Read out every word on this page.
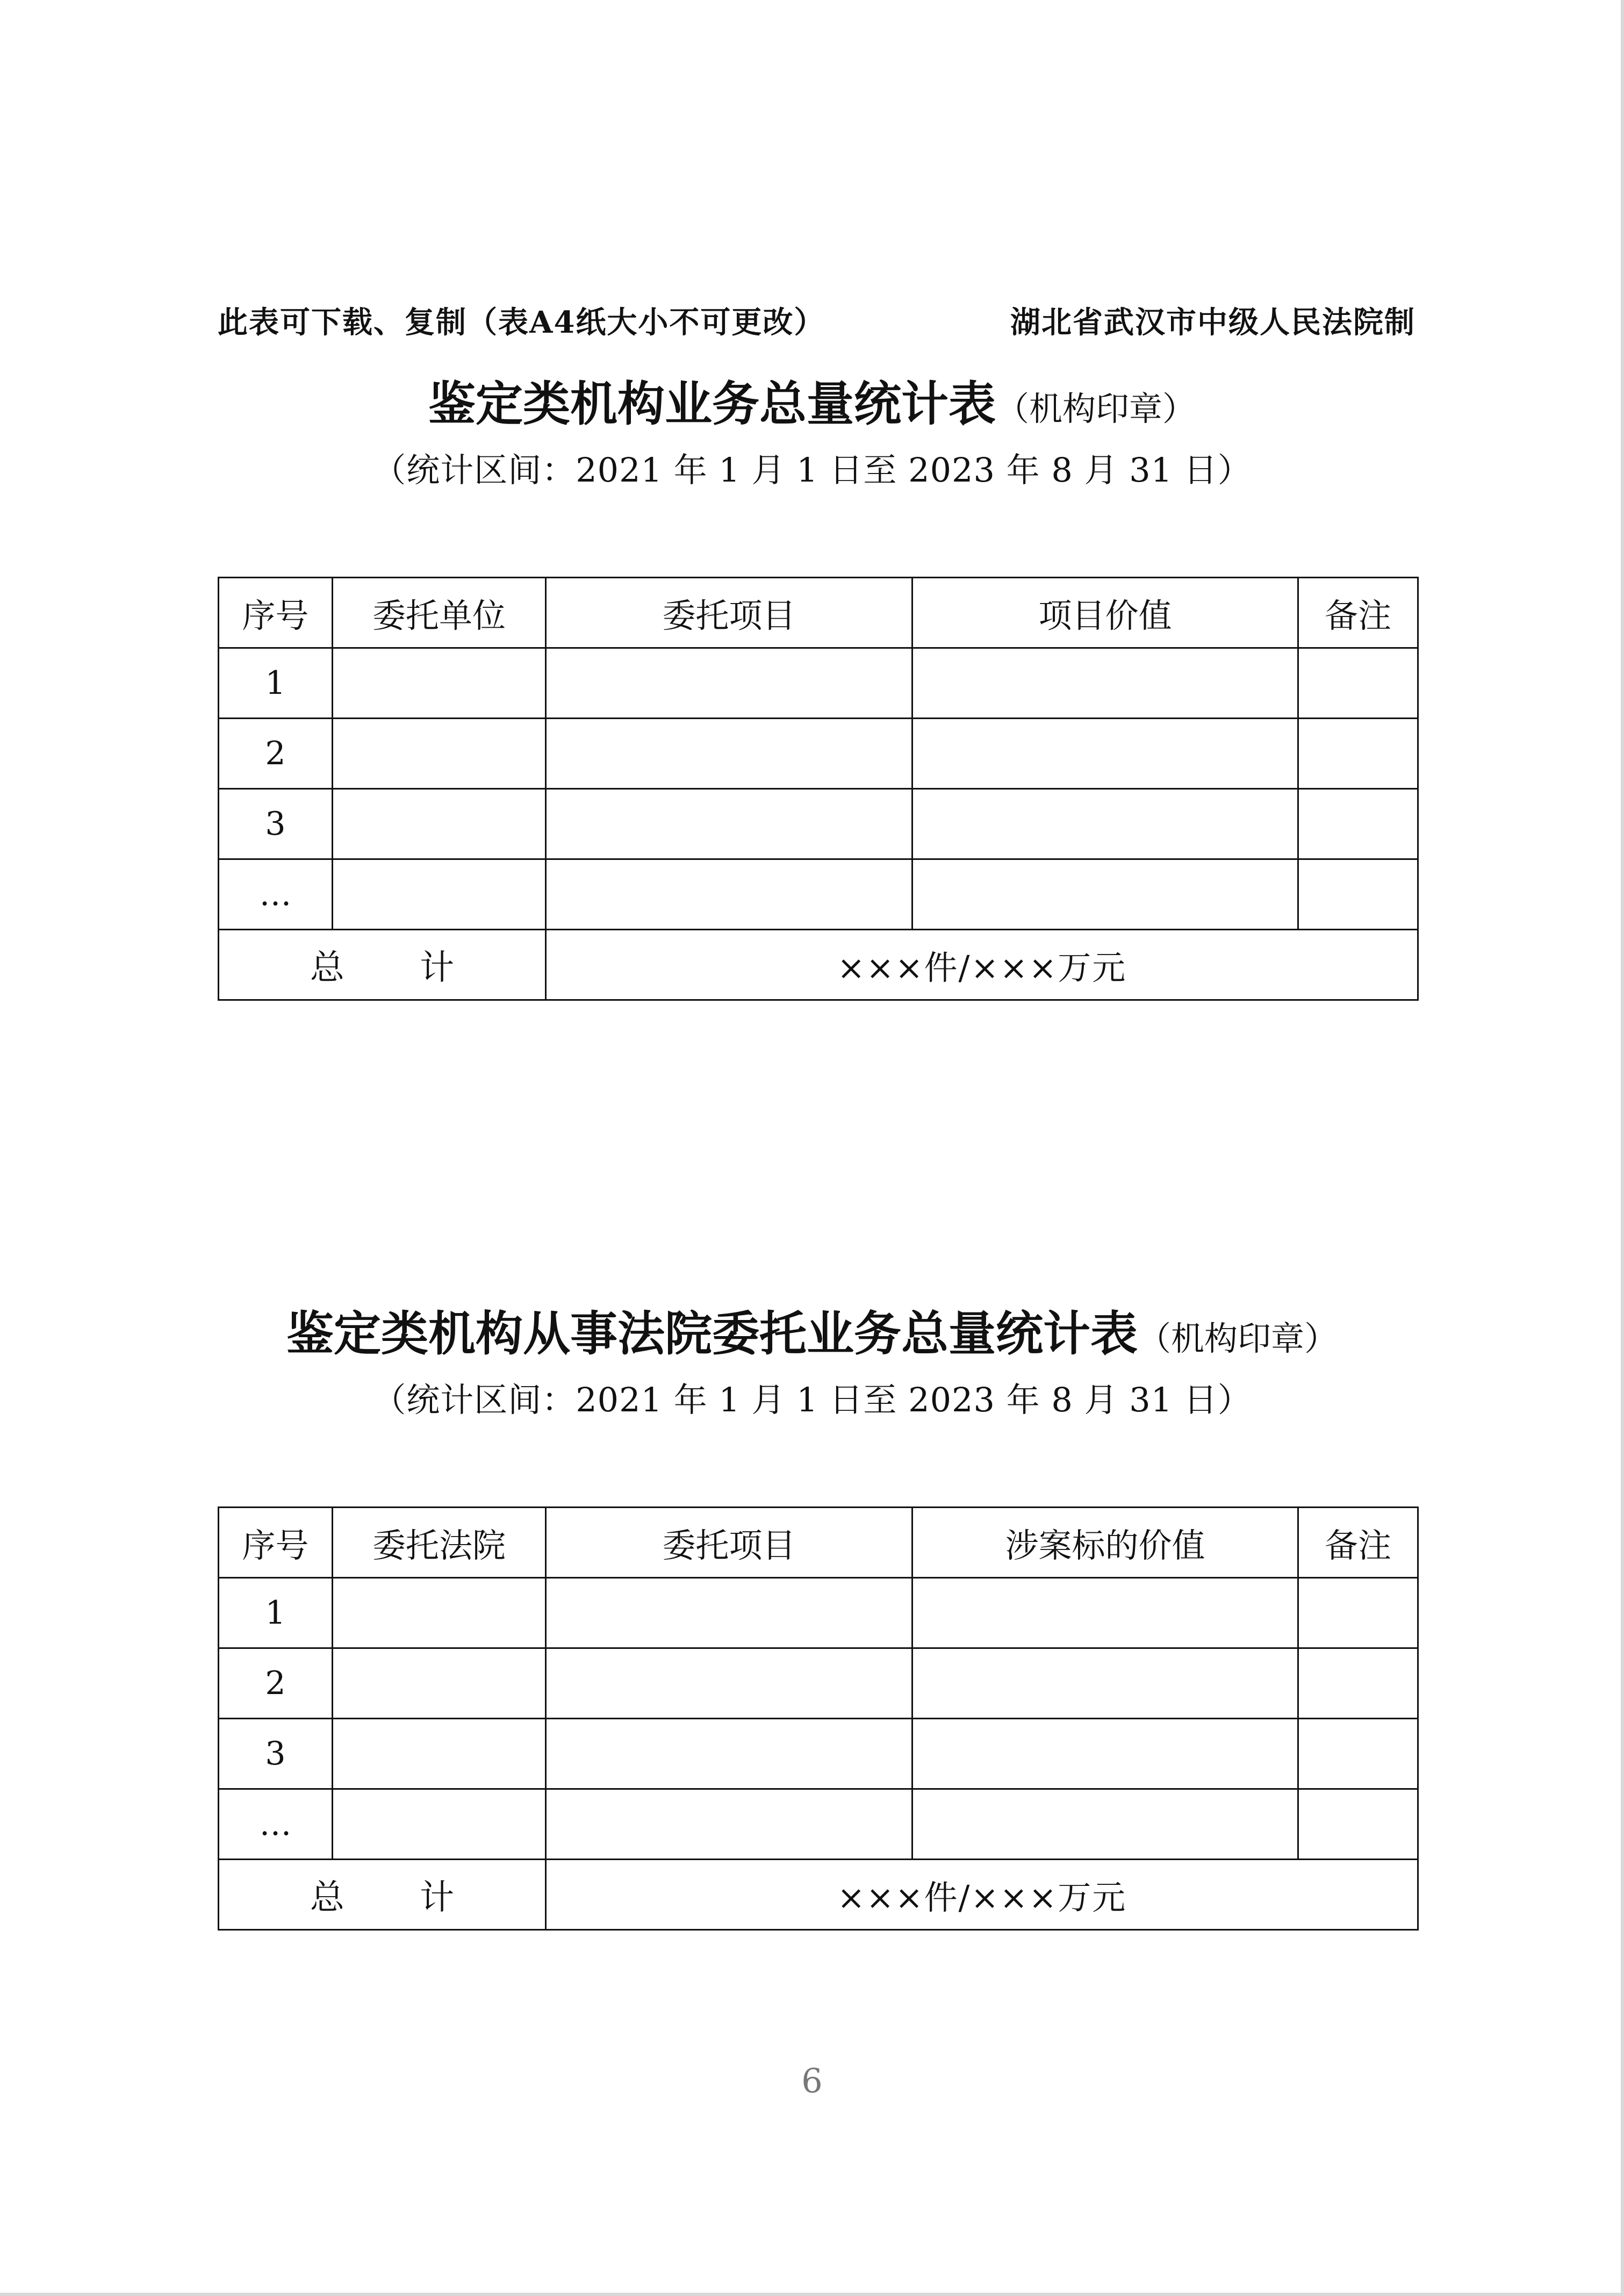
此表可下载、复制（表A4纸大小不可更改）	湖北省武汉市中级人民法院制
鉴定类机构业务总量统计表（机构印章）
（统计区间：2021 年 1 月 1 日至 2023 年 8 月 31 日）
序号	委托单位	委托项目	项目价值	备注
1				
2				
3				
…				
总 计		×××件/×××万元		
鉴定类机构从事法院委托业务总量统计表（机构印章）
（统计区间：2021 年 1 月 1 日至 2023 年 8 月 31 日）
序号	委托法院	委托项目	涉案标的价值	备注
1				
2				
3				
…				
总 计		×××件/×××万元		
6
